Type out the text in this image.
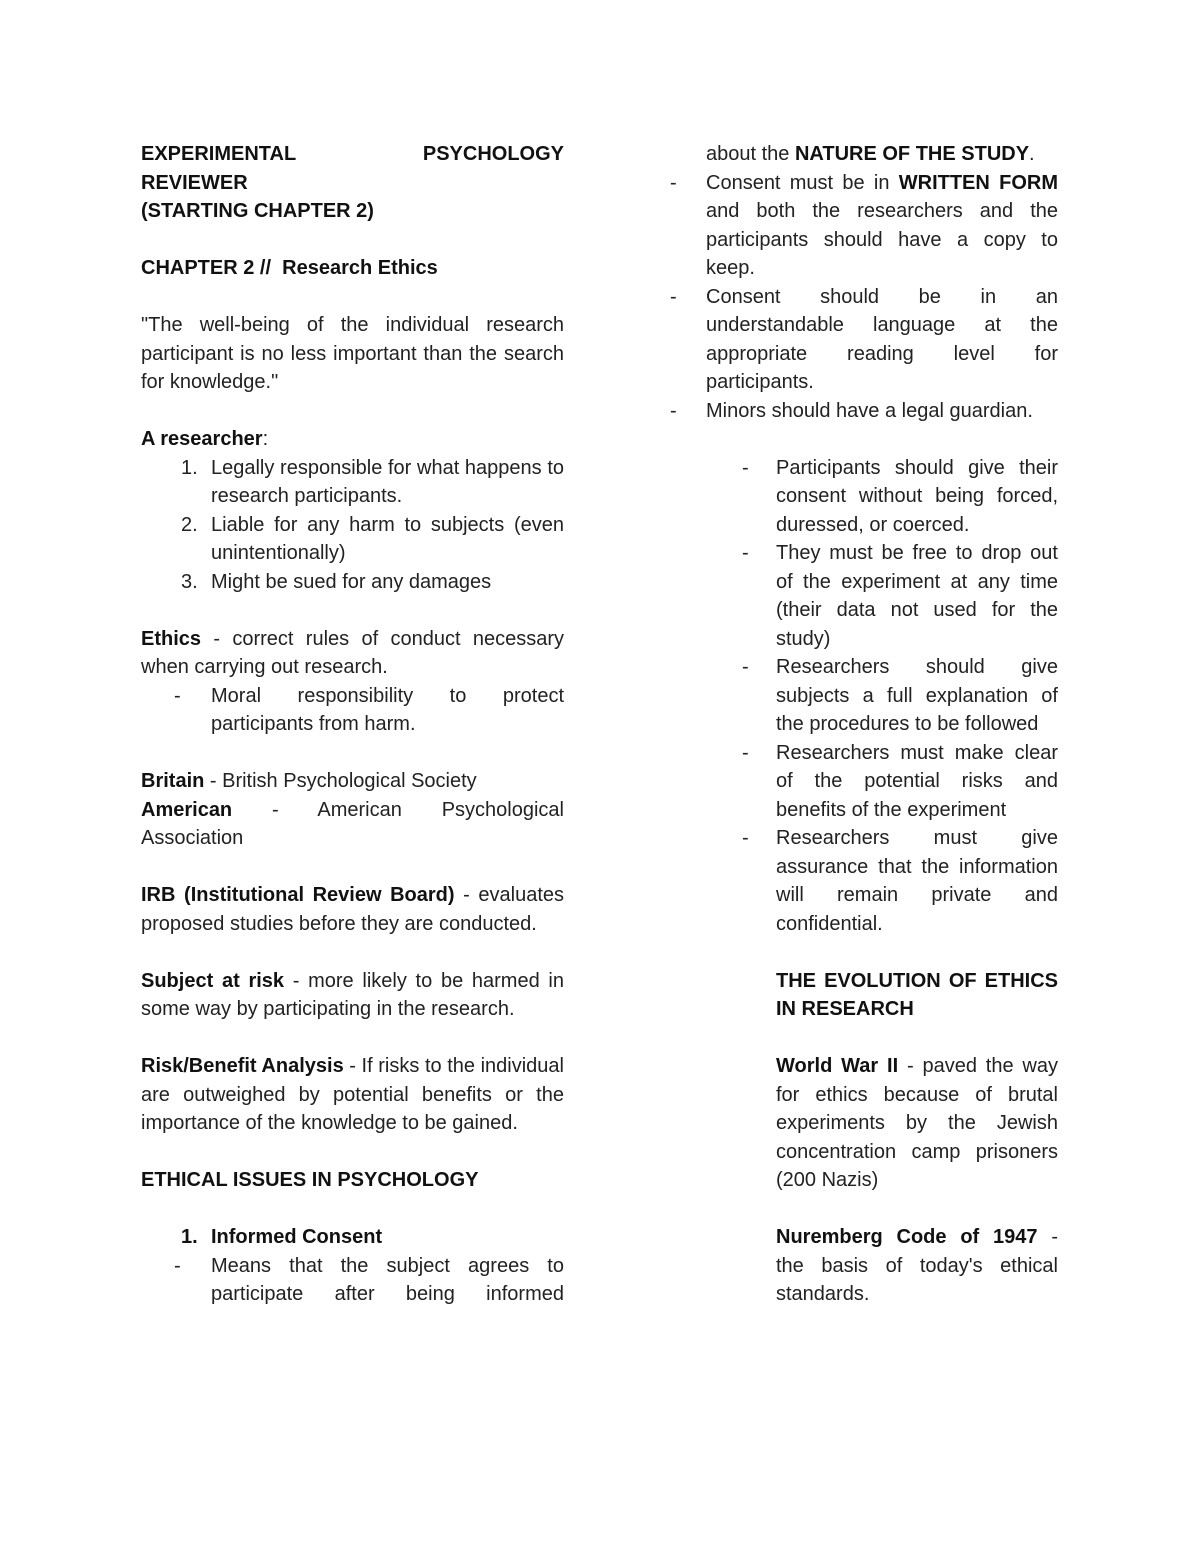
EXPERIMENTAL	PSYCHOLOGY
REVIEWER
(STARTING CHAPTER 2)
CHAPTER 2 //  Research Ethics
"The well-being of the individual research participant is no less important than the search for knowledge."
A researcher:
1. Legally responsible for what happens to research participants.
2. Liable for any harm to subjects (even unintentionally)
3. Might be sued for any damages
Ethics - correct rules of conduct necessary when carrying out research.
-	Moral responsibility to protect participants from harm.
Britain - British Psychological Society
American - American Psychological Association
IRB (Institutional Review Board) - evaluates proposed studies before they are conducted.
Subject at risk - more likely to be harmed in some way by participating in the research.
Risk/Benefit Analysis - If risks to the individual are outweighed by potential benefits or the importance of the knowledge to be gained.
ETHICAL ISSUES IN PSYCHOLOGY
1. Informed Consent
-	Means that the subject agrees to participate after being informed
about the NATURE OF THE STUDY.
- Consent must be in WRITTEN FORM and both the researchers and the participants should have a copy to keep.
- Consent should be in an understandable language at the appropriate reading level for participants.
- Minors should have a legal guardian.
-	Participants should give their consent without being forced, duressed, or coerced.
-	They must be free to drop out of the experiment at any time (their data not used for the study)
-	Researchers should give subjects a full explanation of the procedures to be followed
-	Researchers must make clear of the potential risks and benefits of the experiment
-	Researchers must give assurance that the information will remain private and confidential.
THE EVOLUTION OF ETHICS IN RESEARCH
World War II - paved the way for ethics because of brutal experiments by the Jewish concentration camp prisoners (200 Nazis)
Nuremberg Code of 1947 - the basis of today's ethical standards.
